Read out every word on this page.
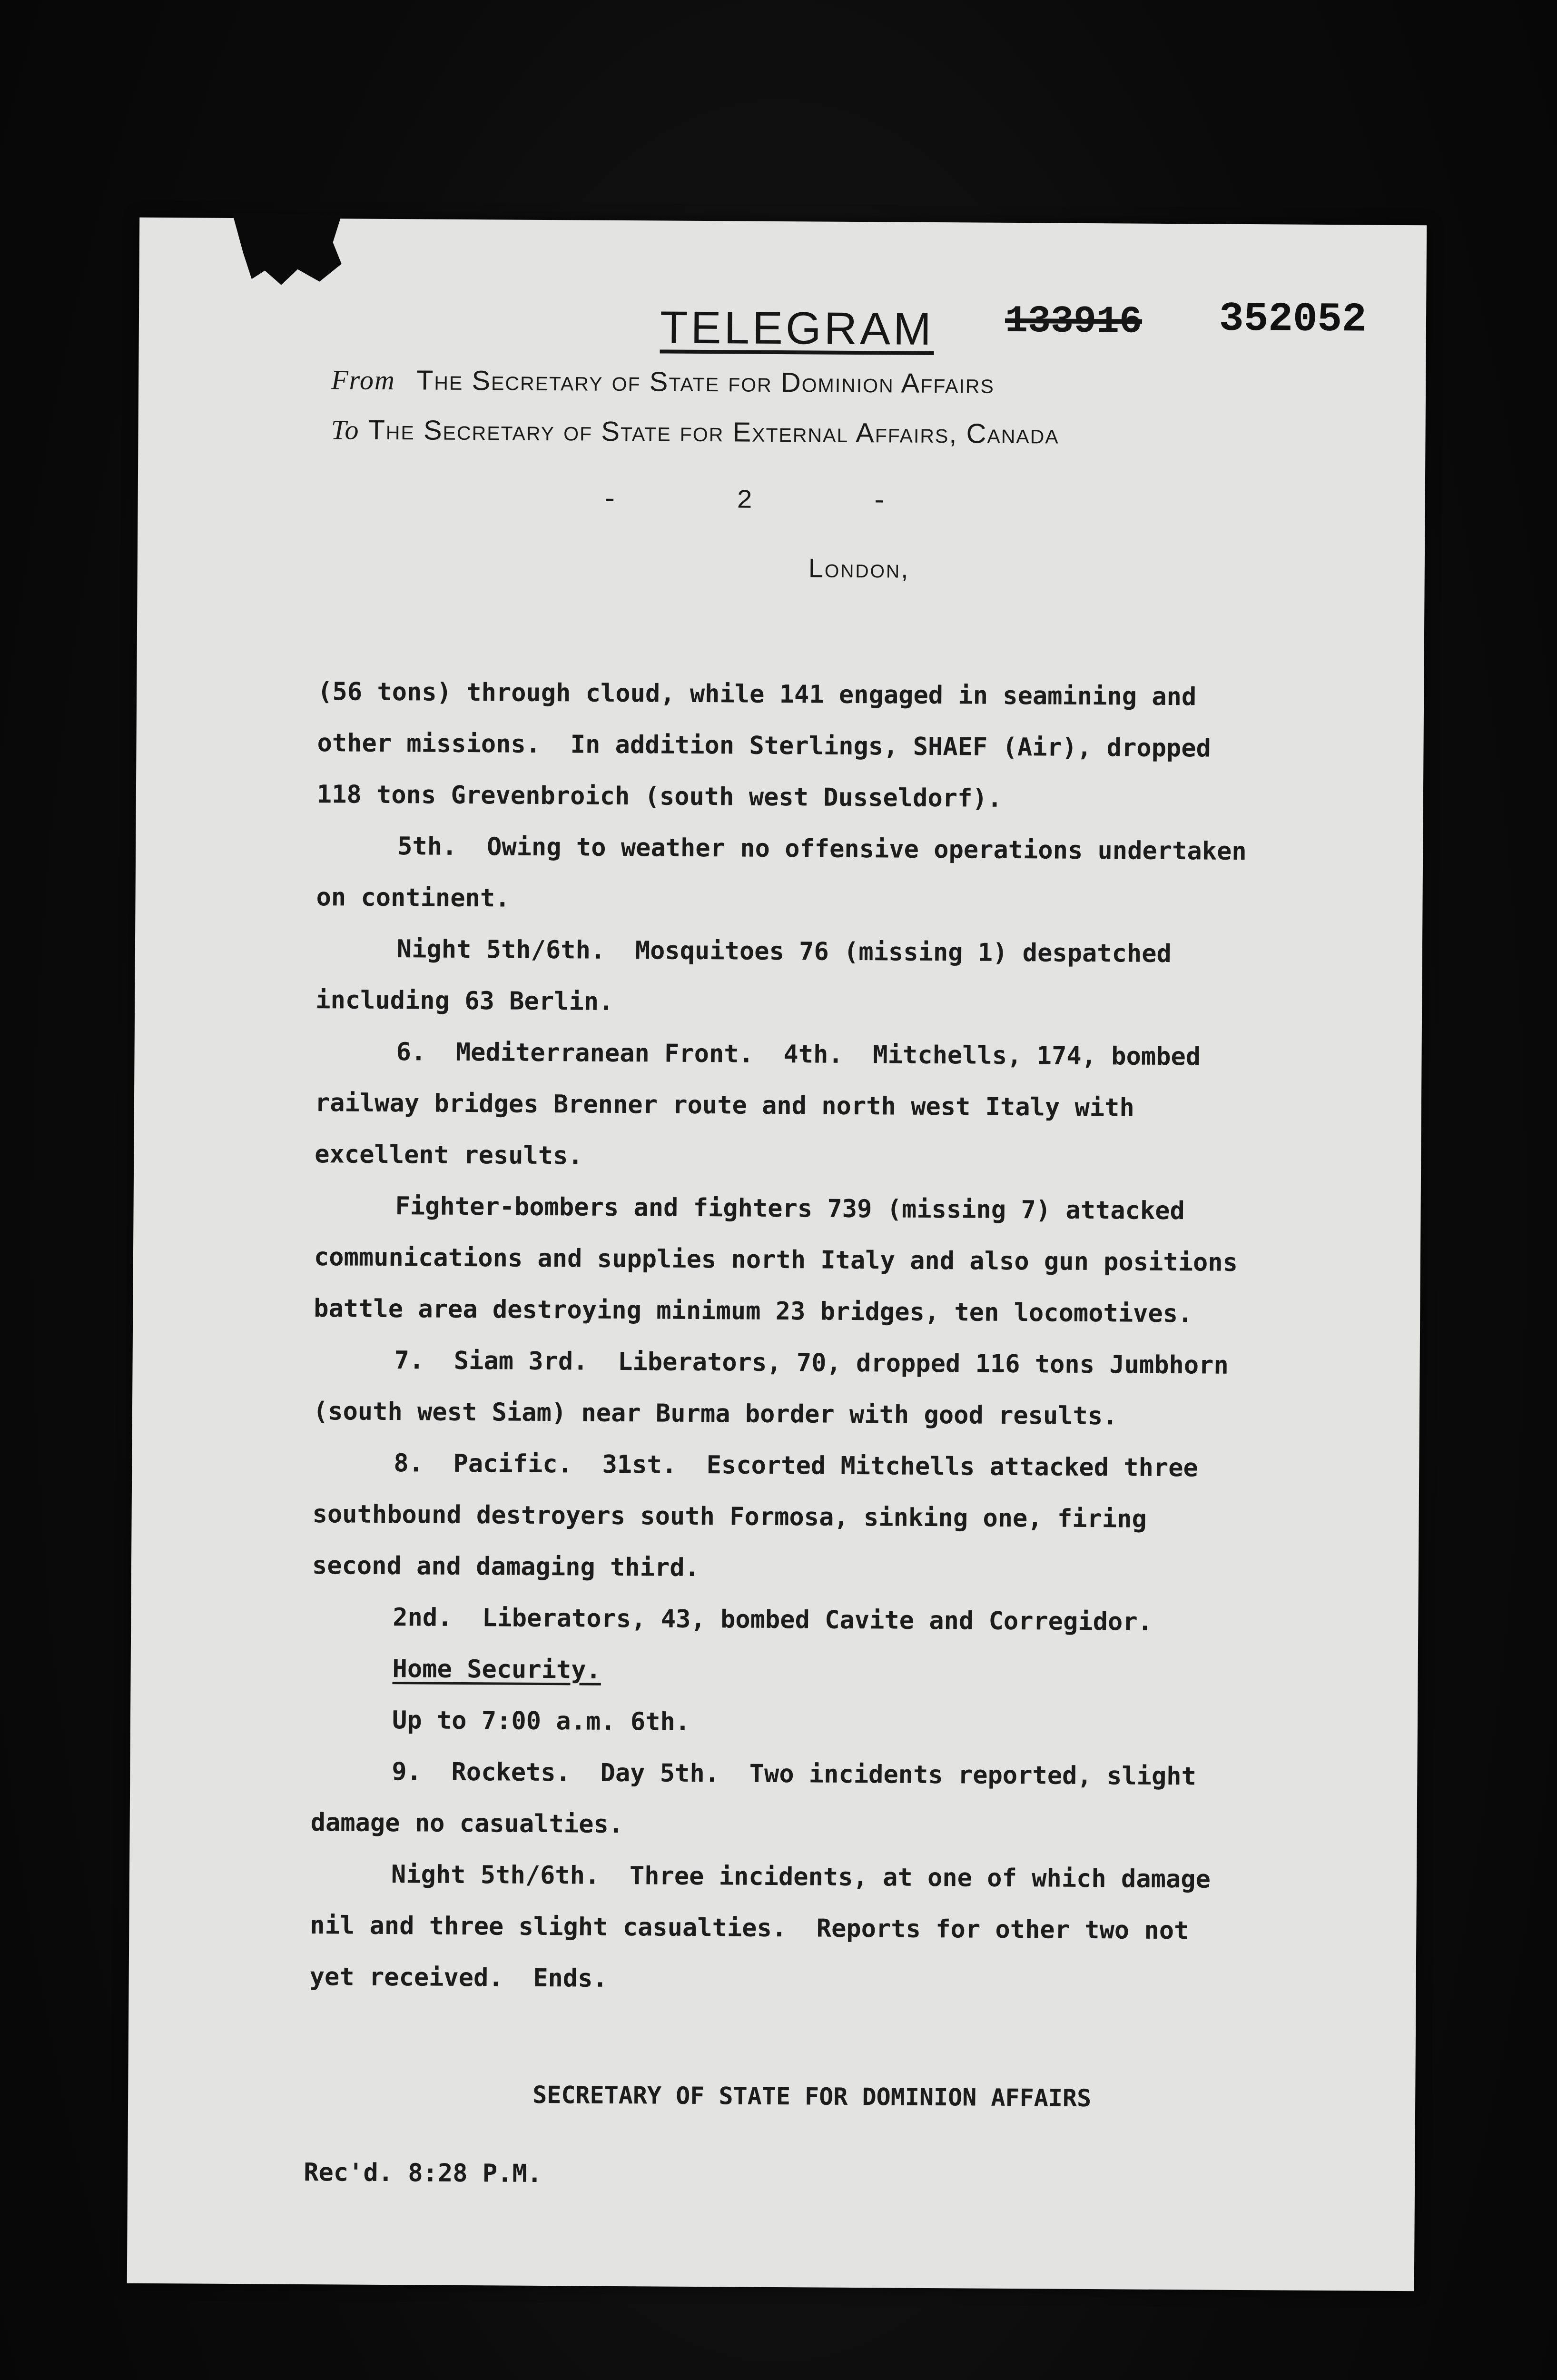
TELEGRAM 133916 352052
From The Secretary of State for Dominion Affairs
To The Secretary of State for External Affairs, Canada
-	2	-
London,
(56 tons) through cloud, while 141 engaged in seamining and
other missions.  In addition Sterlings, SHAEF (Air), dropped
118 tons Grevenbroich (south west Dusseldorf).
5th.  Owing to weather no offensive operations undertaken
on continent.
Night 5th/6th.  Mosquitoes 76 (missing 1) despatched
including 63 Berlin.
6.  Mediterranean Front.  4th.  Mitchells, 174, bombed
railway bridges Brenner route and north west Italy with
excellent results.
Fighter-bombers and fighters 739 (missing 7) attacked
communications and supplies north Italy and also gun positions
battle area destroying minimum 23 bridges, ten locomotives.
7.  Siam 3rd.  Liberators, 70, dropped 116 tons Jumbhorn
(south west Siam) near Burma border with good results.
8.  Pacific.  31st.  Escorted Mitchells attacked three
southbound destroyers south Formosa, sinking one, firing
second and damaging third.
2nd.  Liberators, 43, bombed Cavite and Corregidor.
Home Security.
Up to 7:00 a.m. 6th.
9.  Rockets.  Day 5th.  Two incidents reported, slight
damage no casualties.
Night 5th/6th.  Three incidents, at one of which damage
nil and three slight casualties.  Reports for other two not
yet received.  Ends.
SECRETARY OF STATE FOR DOMINION AFFAIRS
Rec'd. 8:28 P.M.
